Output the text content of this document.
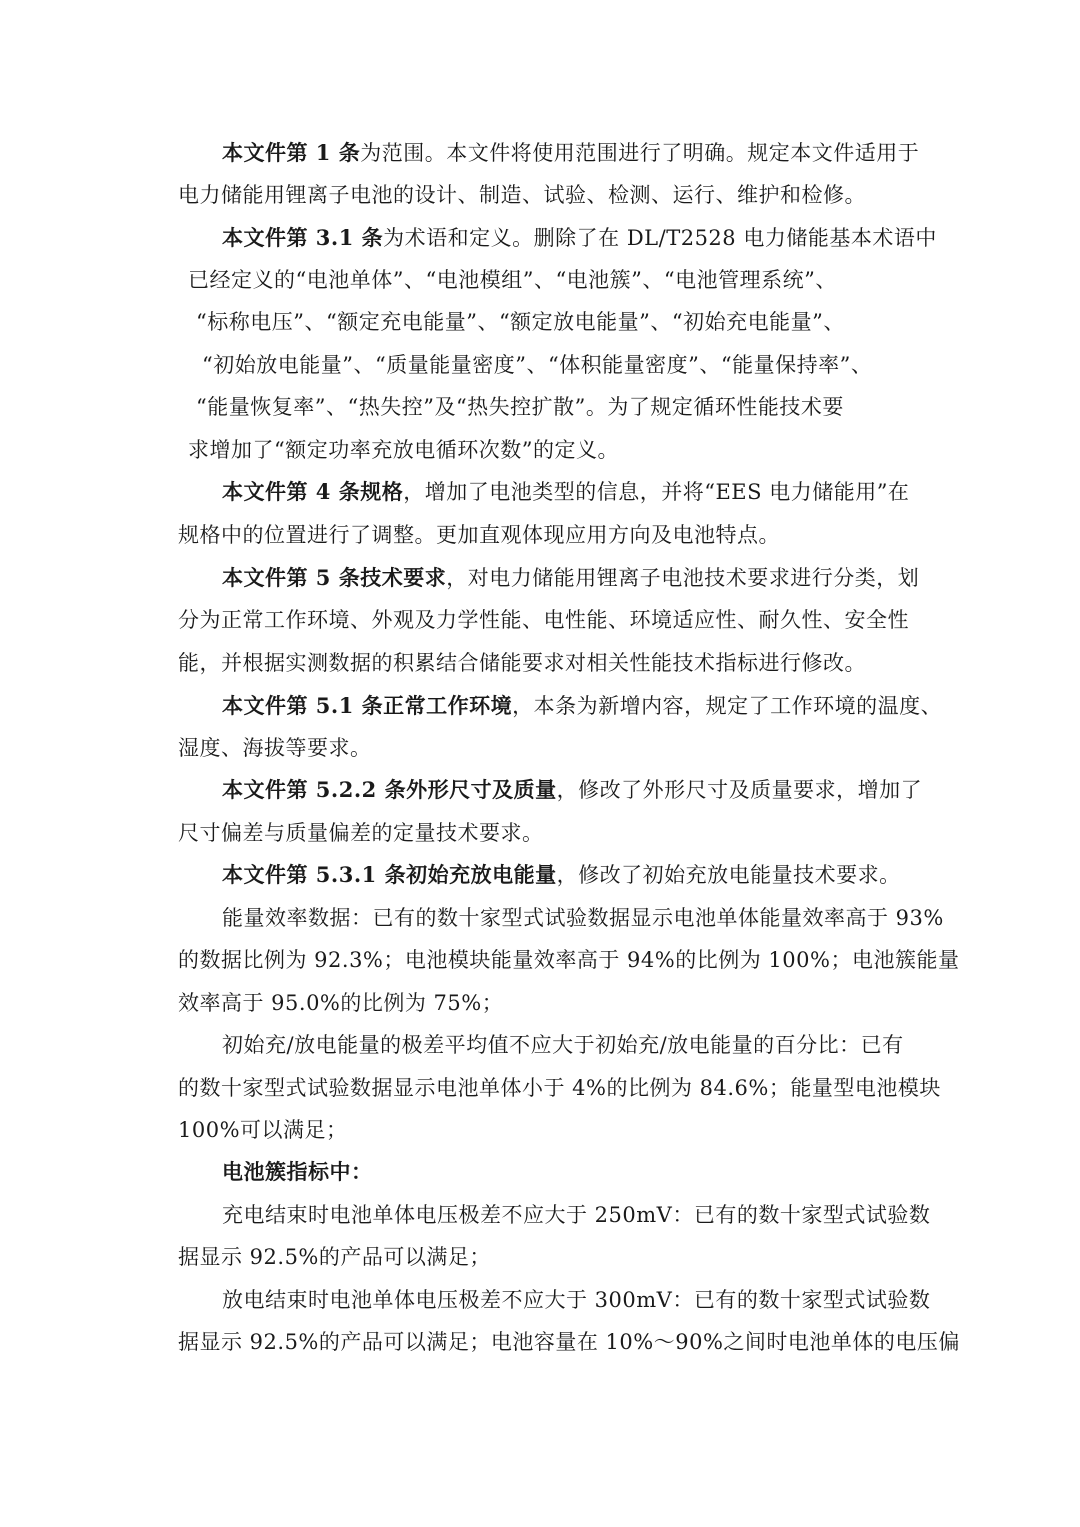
本文件第 1 条为范围。本文件将使用范围进行了明确。规定本文件适用于
电力储能用锂离子电池的设计、制造、试验、检测、运行、维护和检修。
本文件第 3.1 条为术语和定义。删除了在 DL/T2528 电力储能基本术语中
已经定义的“电池单体”、“电池模组”、“电池簇”、“电池管理系统”、
“标称电压”、“额定充电能量”、“额定放电能量”、“初始充电能量”、
“初始放电能量”、“质量能量密度”、“体积能量密度”、“能量保持率”、
“能量恢复率”、“热失控”及“热失控扩散”。为了规定循环性能技术要
求增加了“额定功率充放电循环次数”的定义。
本文件第 4 条规格，增加了电池类型的信息，并将“EES 电力储能用”在
规格中的位置进行了调整。更加直观体现应用方向及电池特点。
本文件第 5 条技术要求，对电力储能用锂离子电池技术要求进行分类，划
分为正常工作环境、外观及力学性能、电性能、环境适应性、耐久性、安全性
能，并根据实测数据的积累结合储能要求对相关性能技术指标进行修改。
本文件第 5.1 条正常工作环境，本条为新增内容，规定了工作环境的温度、
湿度、海拔等要求。
本文件第 5.2.2 条外形尺寸及质量，修改了外形尺寸及质量要求，增加了
尺寸偏差与质量偏差的定量技术要求。
本文件第 5.3.1 条初始充放电能量，修改了初始充放电能量技术要求。
能量效率数据：已有的数十家型式试验数据显示电池单体能量效率高于 93%
的数据比例为 92.3%；电池模块能量效率高于 94%的比例为 100%；电池簇能量
效率高于 95.0%的比例为 75%；
初始充/放电能量的极差平均值不应大于初始充/放电能量的百分比：已有
的数十家型式试验数据显示电池单体小于 4%的比例为 84.6%；能量型电池模块
100%可以满足；
电池簇指标中：
充电结束时电池单体电压极差不应大于 250mV：已有的数十家型式试验数
据显示 92.5%的产品可以满足；
放电结束时电池单体电压极差不应大于 300mV：已有的数十家型式试验数
据显示 92.5%的产品可以满足；电池容量在 10%～90%之间时电池单体的电压偏
